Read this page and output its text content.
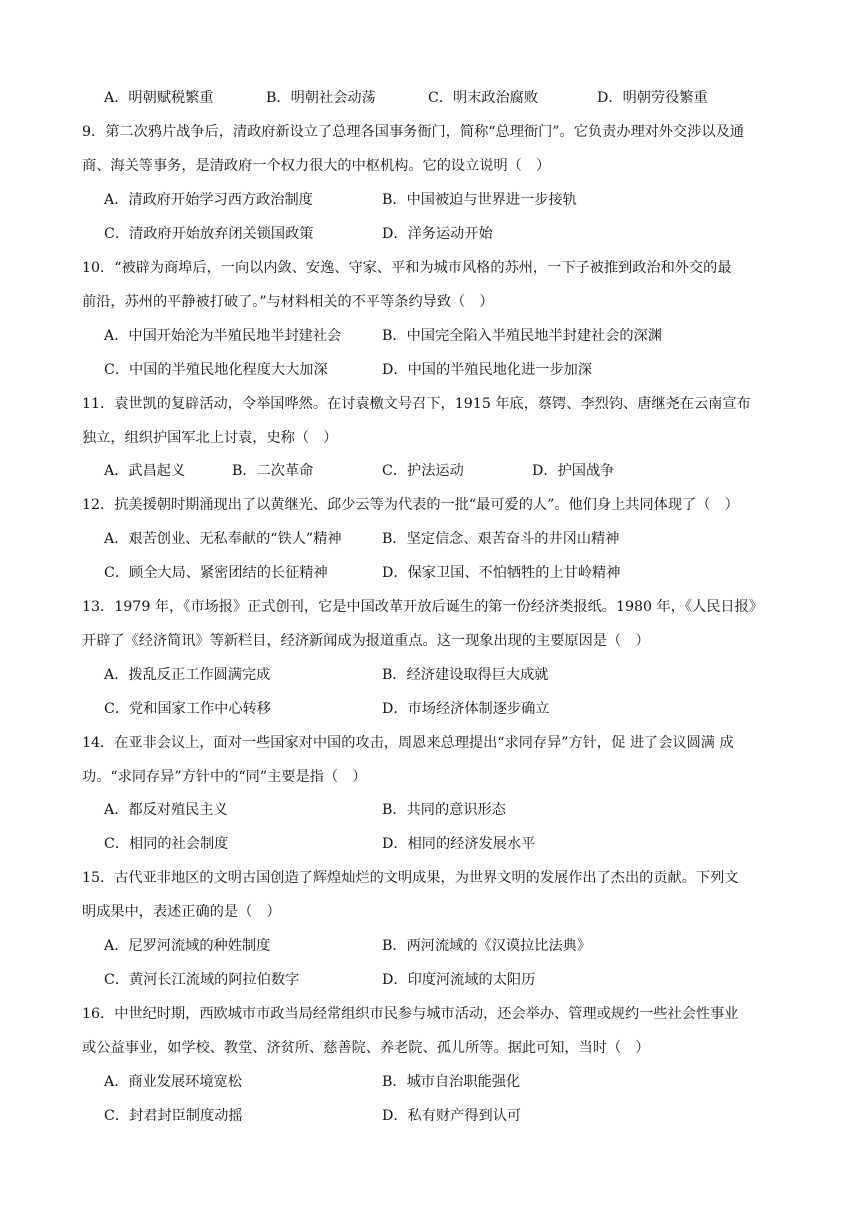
A．明朝赋税繁重	B．明朝社会动荡	C．明末政治腐败	D．明朝劳役繁重
9．第二次鸦片战争后，清政府新设立了总理各国事务衙门，简称“总理衙门”。它负责办理对外交涉以及通
商、海关等事务，是清政府一个权力很大的中枢机构。它的设立说明（　）
A．清政府开始学习西方政治制度	B．中国被迫与世界进一步接轨
C．清政府开始放弃闭关锁国政策	D．洋务运动开始
10．“被辟为商埠后，一向以内敛、安逸、守家、平和为城市风格的苏州，一下子被推到政治和外交的最
前沿，苏州的平静被打破了。”与材料相关的不平等条约导致（　）
A．中国开始沦为半殖民地半封建社会	B．中国完全陷入半殖民地半封建社会的深渊
C．中国的半殖民地化程度大大加深	D．中国的半殖民地化进一步加深
11．袁世凯的复辟活动，令举国哗然。在讨袁檄文号召下，1915 年底，蔡锷、李烈钧、唐继尧在云南宣布
独立，组织护国军北上讨袁，史称（　）
A．武昌起义	B．二次革命	C．护法运动	D．护国战争
12．抗美援朝时期涌现出了以黄继光、邱少云等为代表的一批“最可爱的人”。他们身上共同体现了（　）
A．艰苦创业、无私奉献的“铁人”精神	B．坚定信念、艰苦奋斗的井冈山精神
C．顾全大局、紧密团结的长征精神	D．保家卫国、不怕牺牲的上甘岭精神
13．1979 年，《市场报》正式创刊，它是中国改革开放后诞生的第一份经济类报纸。1980 年，《人民日报》
开辟了《经济简讯》等新栏目，经济新闻成为报道重点。这一现象出现的主要原因是（　）
A．拨乱反正工作圆满完成	B．经济建设取得巨大成就
C．党和国家工作中心转移	D．市场经济体制逐步确立
14．在亚非会议上，面对一些国家对中国的攻击，周恩来总理提出“求同存异”方针，促 进了会议圆满 成
功。“求同存异”方针中的“同”主要是指（　）
A．都反对殖民主义	B．共同的意识形态
C．相同的社会制度	D．相同的经济发展水平
15．古代亚非地区的文明古国创造了辉煌灿烂的文明成果，为世界文明的发展作出了杰出的贡献。下列文
明成果中，表述正确的是（　）
A．尼罗河流域的种姓制度	B．两河流域的《汉谟拉比法典》
C．黄河长江流域的阿拉伯数字	D．印度河流域的太阳历
16．中世纪时期，西欧城市市政当局经常组织市民参与城市活动，还会举办、管理或规约一些社会性事业
或公益事业，如学校、教堂、济贫所、慈善院、养老院、孤儿所等。据此可知，当时（　）
A．商业发展环境宽松	B．城市自治职能强化
C．封君封臣制度动摇	D．私有财产得到认可
